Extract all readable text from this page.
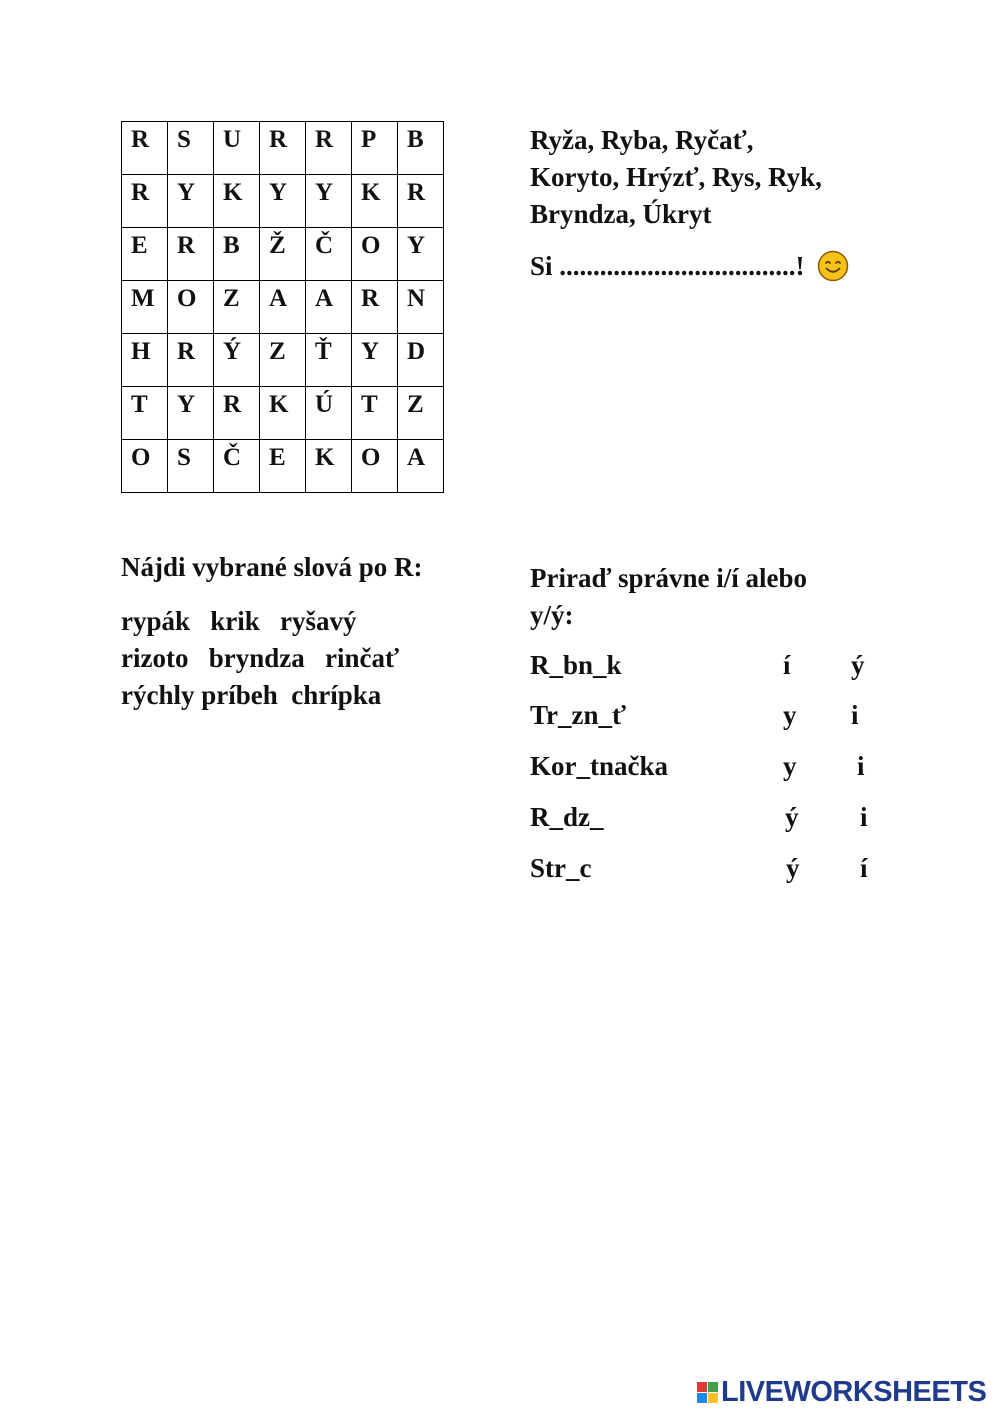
R	S	U	R	R	P	B
R	Y	K	Y	Y	K	R
E	R	B	Ž	Č	O	Y
M	O	Z	A	A	R	N
H	R	Ý	Z	Ť	Y	D
T	Y	R	K	Ú	T	Z
O	S	Č	E	K	O	A
Ryža, Ryba, Ryčať,
Koryto, Hrýzť, Rys, Ryk,
Bryndza, Úkryt
Si ...................................!
Nájdi vybrané slová po R:
rypák   krik   ryšavý
rizoto   bryndza   rinčať
rýchly príbeh  chrípka
Priraď správne i/í alebo
y/ý:
R_bn_k	í ý
Tr_zn_ť	y i
Kor_tnačka	y i
R_dz_	ý i
Str_c	ý í
LIVEWORKSHEETS
